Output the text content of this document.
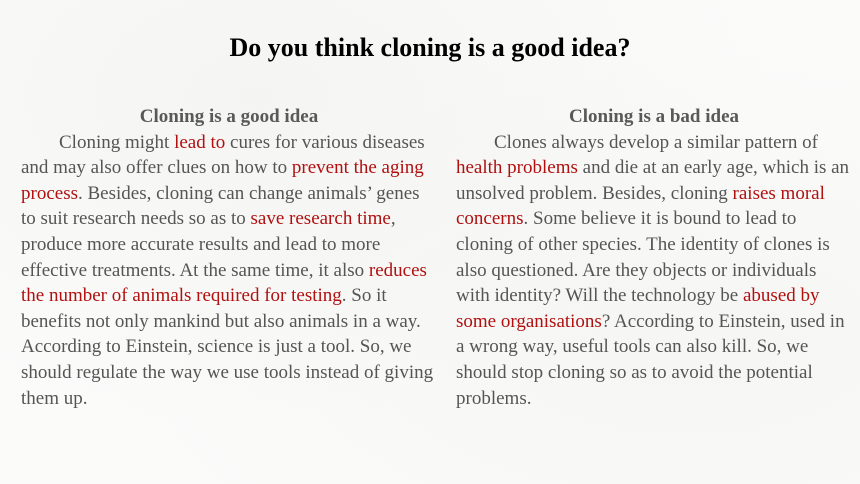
Do you think cloning is a good idea?

Cloning is a good idea

Cloning might lead to cures for various diseases and may also offer clues on how to prevent the aging process. Besides, cloning can change animals’ genes to suit research needs so as to save research time, produce more accurate results and lead to more effective treatments. At the same time, it also reduces the number of animals required for testing. So it benefits not only mankind but also animals in a way. According to Einstein, science is just a tool. So, we should regulate the way we use tools instead of giving them up.

Cloning is a bad idea

Clones always develop a similar pattern of health problems and die at an early age, which is an unsolved problem. Besides, cloning raises moral concerns. Some believe it is bound to lead to cloning of other species. The identity of clones is also questioned. Are they objects or individuals with identity? Will the technology be abused by some organisations? According to Einstein, used in a wrong way, useful tools can also kill. So, we should stop cloning so as to avoid the potential problems.
